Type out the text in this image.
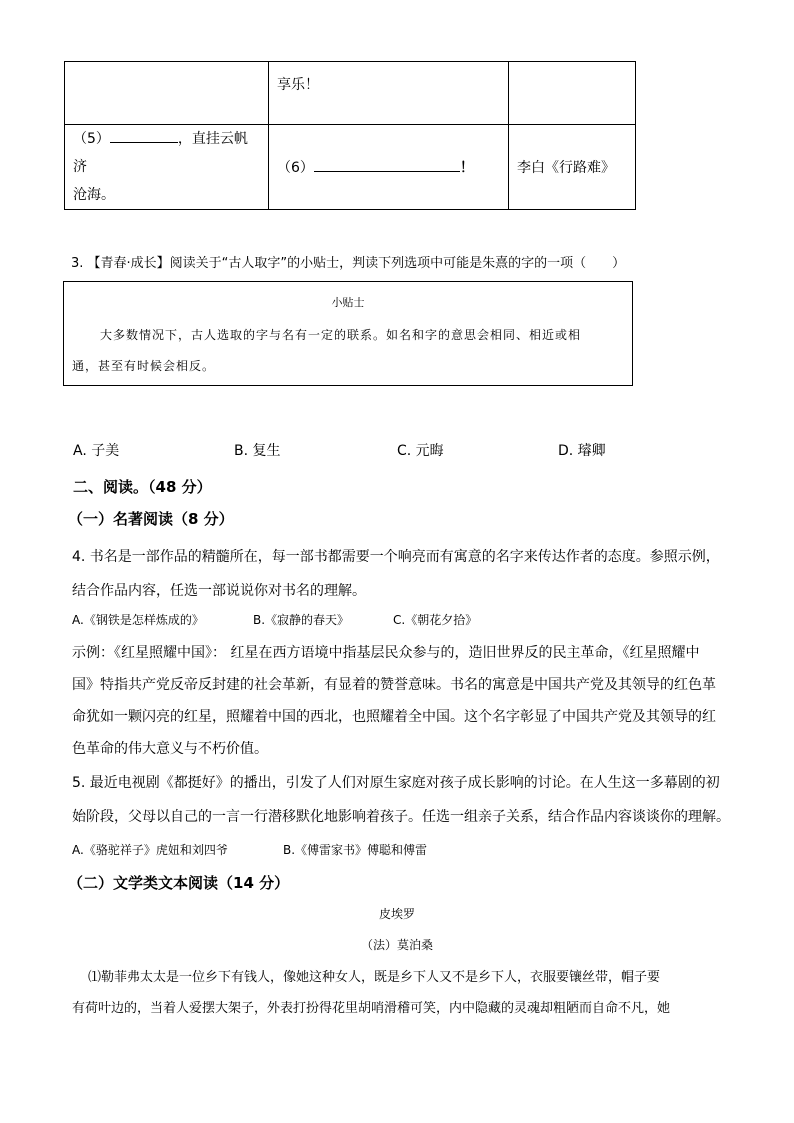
	享乐！	

（5） ，直挂云帆济
沧海。	（6） ！	李白《行路难》
3. 【青春·成长】阅读关于“古人取字”的小贴士，判读下列选项中可能是朱熹的字的一项（　　）
小贴士
大多数情况下，古人选取的字与名有一定的联系。如名和字的意思会相同、相近或相
通，甚至有时候会相反。
A. 子美	B. 复生	C. 元晦	D. 璿卿
二、阅读。（48 分）
（一）名著阅读（8 分）
4. 书名是一部作品的精髓所在，每一部书都需要一个响亮而有寓意的名字来传达作者的态度。参照示例，
结合作品内容，任选一部说说你对书名的理解。
A.《钢铁是怎样炼成的》	B.《寂静的春天》	C.《朝花夕拾》
示例：《红星照耀中国》： 红星在西方语境中指基层民众参与的，造旧世界反的民主革命，《红星照耀中
国》特指共产党反帝反封建的社会革新，有显着的赞誉意味。书名的寓意是中国共产党及其领导的红色革
命犹如一颗闪亮的红星，照耀着中国的西北，也照耀着全中国。这个名字彰显了中国共产党及其领导的红
色革命的伟大意义与不朽价值。
5. 最近电视剧《都挺好》的播出，引发了人们对原生家庭对孩子成长影响的讨论。在人生这一多幕剧的初
始阶段，父母以自己的一言一行潜移默化地影响着孩子。任选一组亲子关系，结合作品内容谈谈你的理解。
A.《骆驼祥子》虎妞和刘四爷	B.《傅雷家书》傅聪和傅雷
（二）文学类文本阅读（14 分）
皮埃罗
（法）莫泊桑
⑴勒菲弗太太是一位乡下有钱人，像她这种女人，既是乡下人又不是乡下人，衣服要镶丝带，帽子要
有荷叶边的，当着人爱摆大架子，外表打扮得花里胡哨滑稽可笑，内中隐藏的灵魂却粗陋而自命不凡，她
